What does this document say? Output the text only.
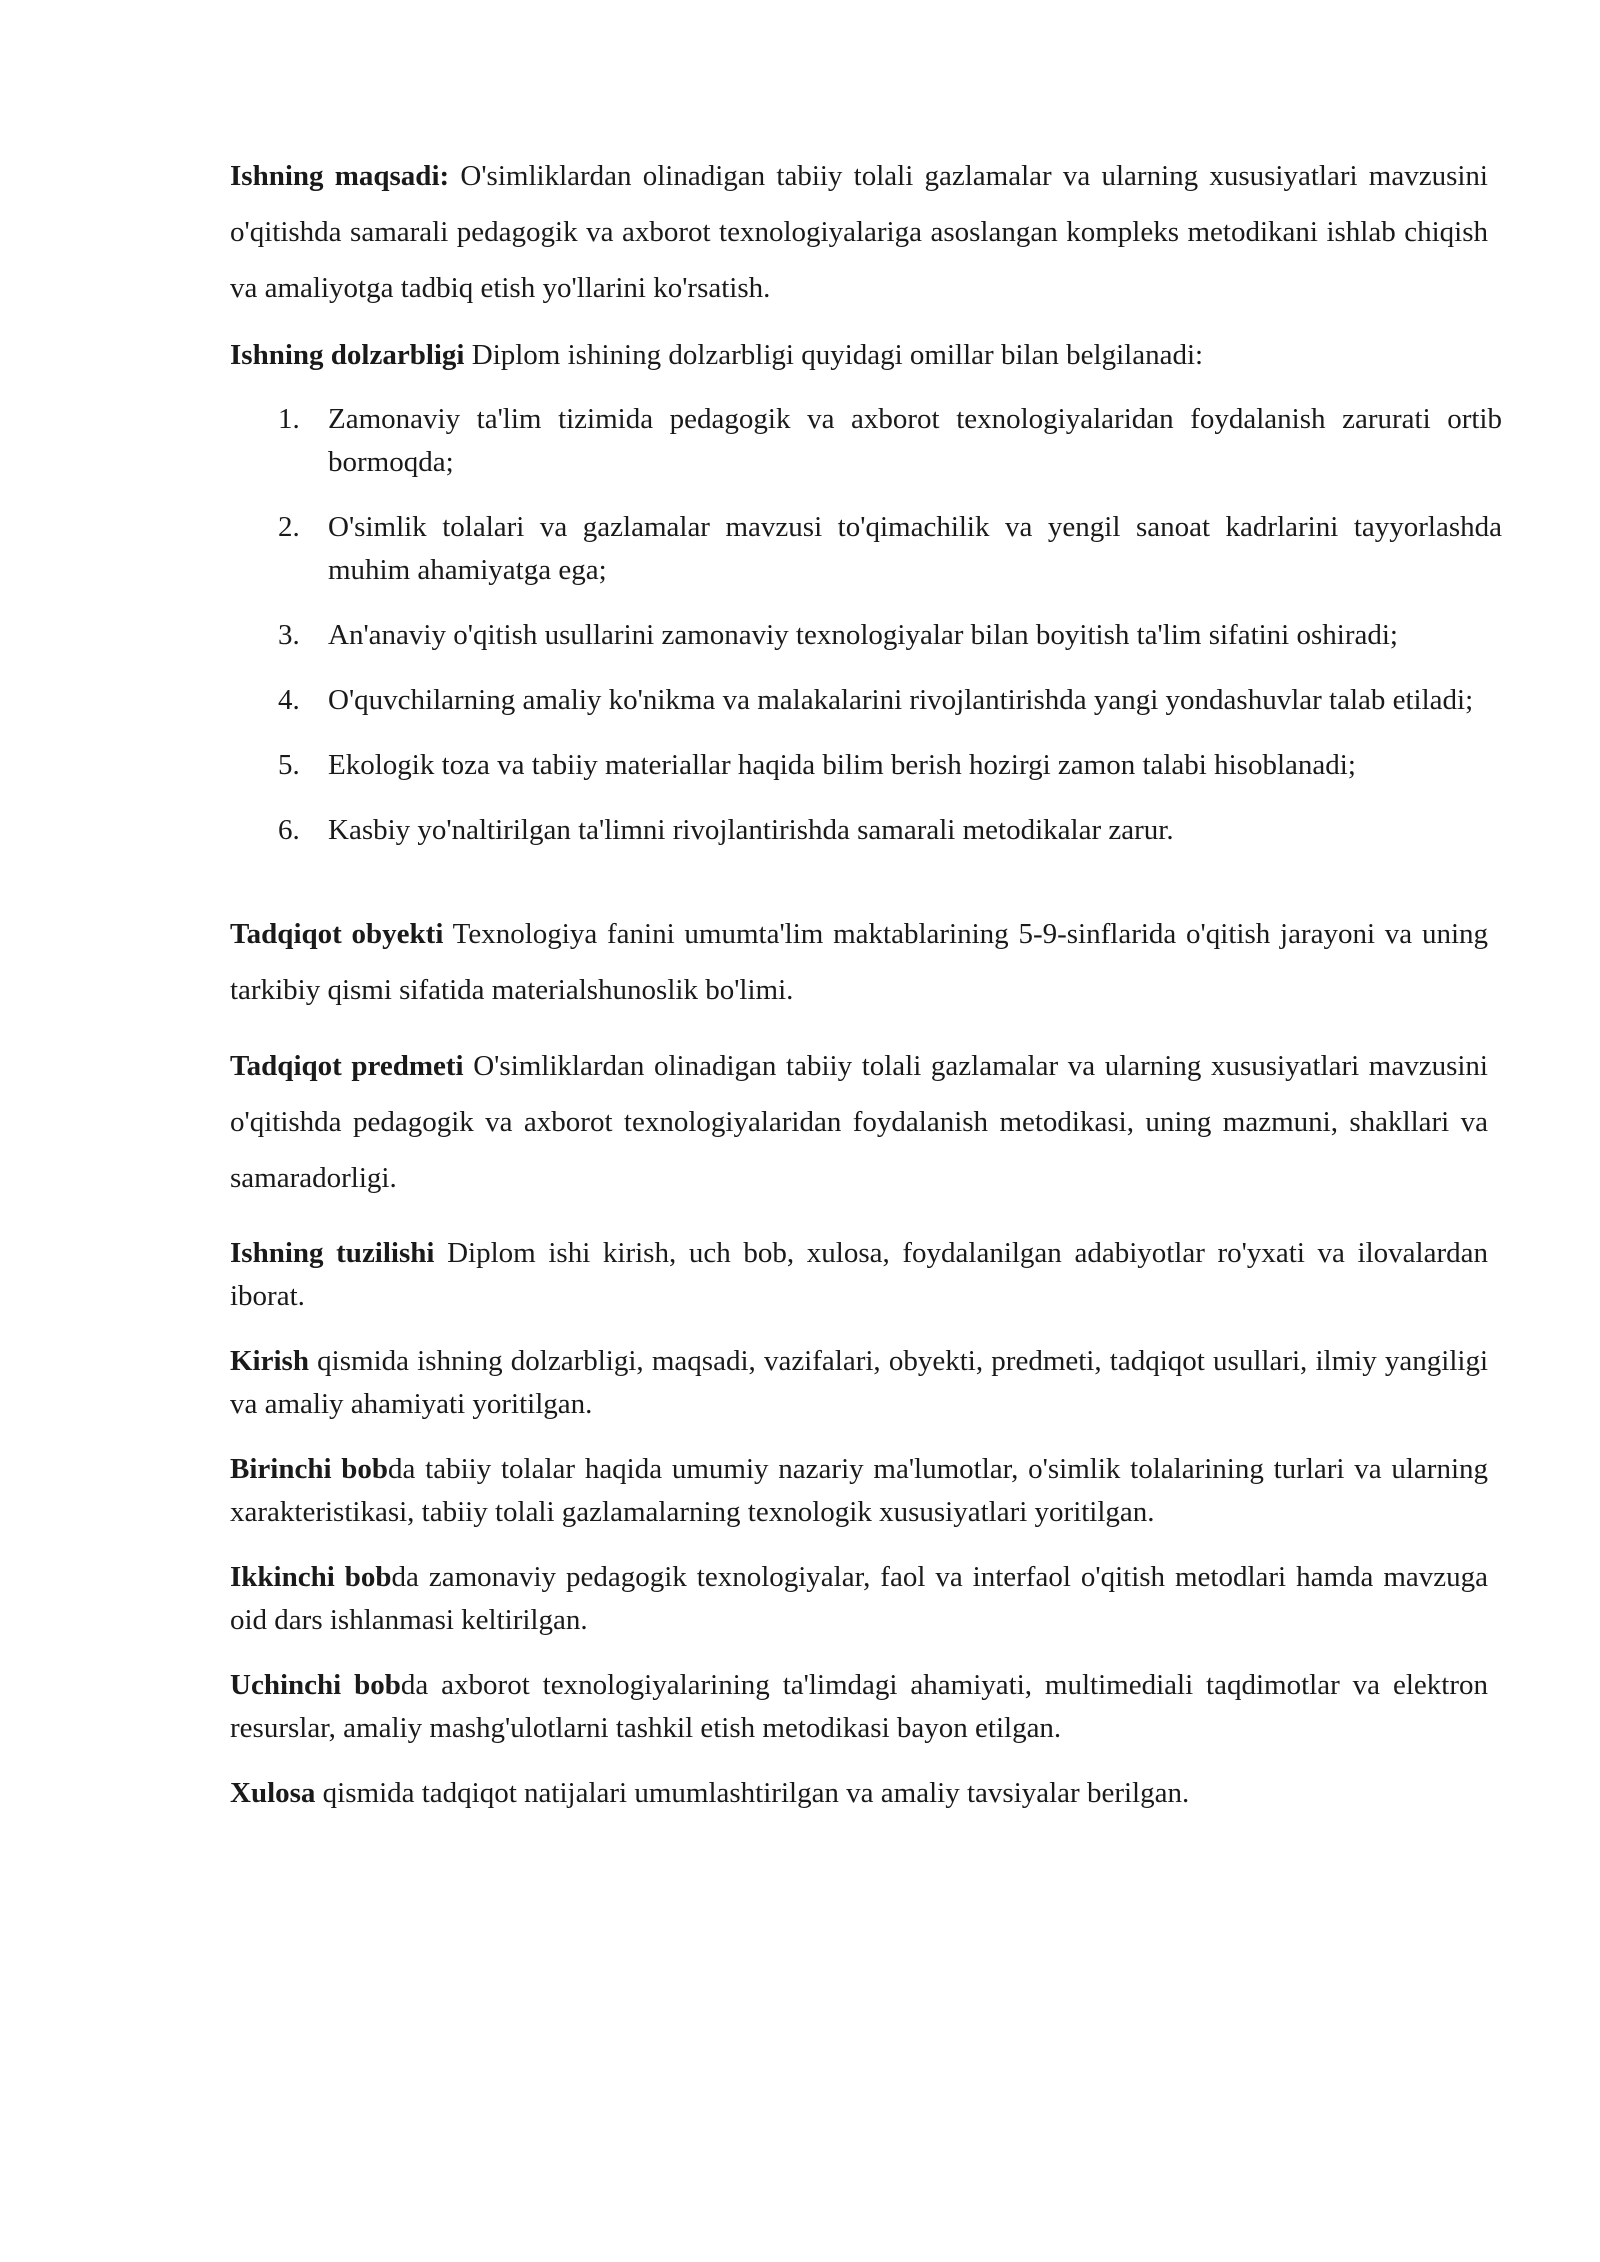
Ishning maqsadi: O'simliklardan olinadigan tabiiy tolali gazlamalar va ularning xususiyatlari mavzusini o'qitishda samarali pedagogik va axborot texnologiyalariga asoslangan kompleks metodikani ishlab chiqish va amaliyotga tadbiq etish yo'llarini ko'rsatish.

Ishning dolzarbligi Diplom ishining dolzarbligi quyidagi omillar bilan belgilanadi:

1. Zamonaviy ta'lim tizimida pedagogik va axborot texnologiyalaridan foydalanish zarurati ortib bormoqda;
2. O'simlik tolalari va gazlamalar mavzusi to'qimachilik va yengil sanoat kadrlarini tayyorlashda muhim ahamiyatga ega;
3. An'anaviy o'qitish usullarini zamonaviy texnologiyalar bilan boyitish ta'lim sifatini oshiradi;
4. O'quvchilarning amaliy ko'nikma va malakalarini rivojlantirishda yangi yondashuvlar talab etiladi;
5. Ekologik toza va tabiiy materiallar haqida bilim berish hozirgi zamon talabi hisoblanadi;
6. Kasbiy yo'naltirilgan ta'limni rivojlantirishda samarali metodikalar zarur.

Tadqiqot obyekti Texnologiya fanini umumta'lim maktablarining 5-9-sinflarida o'qitish jarayoni va uning tarkibiy qismi sifatida materialshunoslik bo'limi.

Tadqiqot predmeti O'simliklardan olinadigan tabiiy tolali gazlamalar va ularning xususiyatlari mavzusini o'qitishda pedagogik va axborot texnologiyalaridan foydalanish metodikasi, uning mazmuni, shakllari va samaradorligi.

Ishning tuzilishi Diplom ishi kirish, uch bob, xulosa, foydalanilgan adabiyotlar ro'yxati va ilovalardan iborat.

Kirish qismida ishning dolzarbligi, maqsadi, vazifalari, obyekti, predmeti, tadqiqot usullari, ilmiy yangiligi va amaliy ahamiyati yoritilgan.

Birinchi bobda tabiiy tolalar haqida umumiy nazariy ma'lumotlar, o'simlik tolalarining turlari va ularning xarakteristikasi, tabiiy tolali gazlamalarning texnologik xususiyatlari yoritilgan.

Ikkinchi bobda zamonaviy pedagogik texnologiyalar, faol va interfaol o'qitish metodlari hamda mavzuga oid dars ishlanmasi keltirilgan.

Uchinchi bobda axborot texnologiyalarining ta'limdagi ahamiyati, multimediali taqdimotlar va elektron resurslar, amaliy mashg'ulotlarni tashkil etish metodikasi bayon etilgan.

Xulosa qismida tadqiqot natijalari umumlashtirilgan va amaliy tavsiyalar berilgan.
